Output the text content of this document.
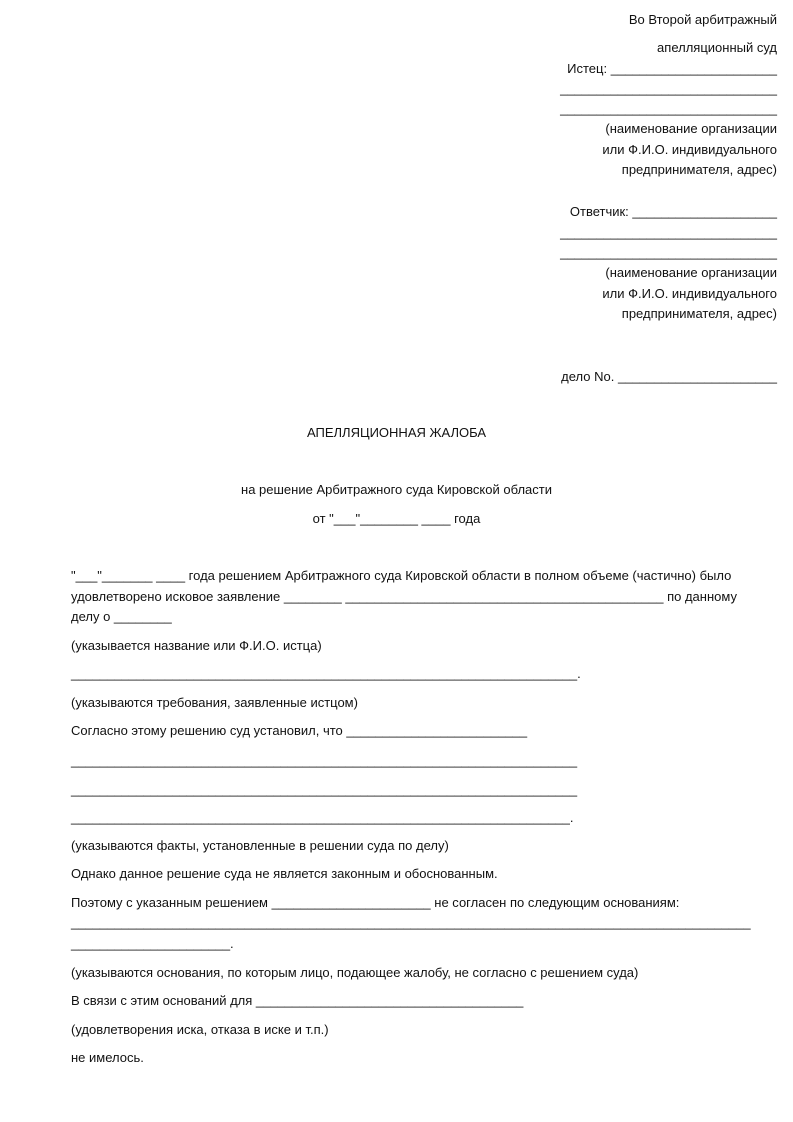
Во Второй арбитражный
апелляционный суд
Истец: _______________________
______________________________
______________________________
(наименование организации
или Ф.И.О. индивидуального
предпринимателя, адрес)
Ответчик: ____________________
______________________________
______________________________
(наименование организации
или Ф.И.О. индивидуального
предпринимателя, адрес)
дело No. ______________________
АПЕЛЛЯЦИОННАЯ ЖАЛОБА
на решение Арбитражного суда Кировской области
от "___"________ ____ года
"___"_______ ____ года решением Арбитражного суда Кировской области в полном объеме (частично) было
удовлетворено исковое заявление ________ ____________________________________________ по данному
делу о ________
(указывается название или Ф.И.О. истца)
______________________________________________________________________.
(указываются требования, заявленные истцом)
Согласно этому решению суд установил, что _________________________
______________________________________________________________________
______________________________________________________________________
_____________________________________________________________________.
(указываются факты, установленные в решении суда по делу)
Однако данное решение суда не является законным и обоснованным.
Поэтому с указанным решением ______________________ не согласен по следующим основаниям:
______________________________________________________________________________________________
______________________.
(указываются основания, по которым лицо, подающее жалобу, не согласно с решением суда)
В связи с этим оснований для _____________________________________
(удовлетворения иска, отказа в иске и т.п.)
не имелось.
